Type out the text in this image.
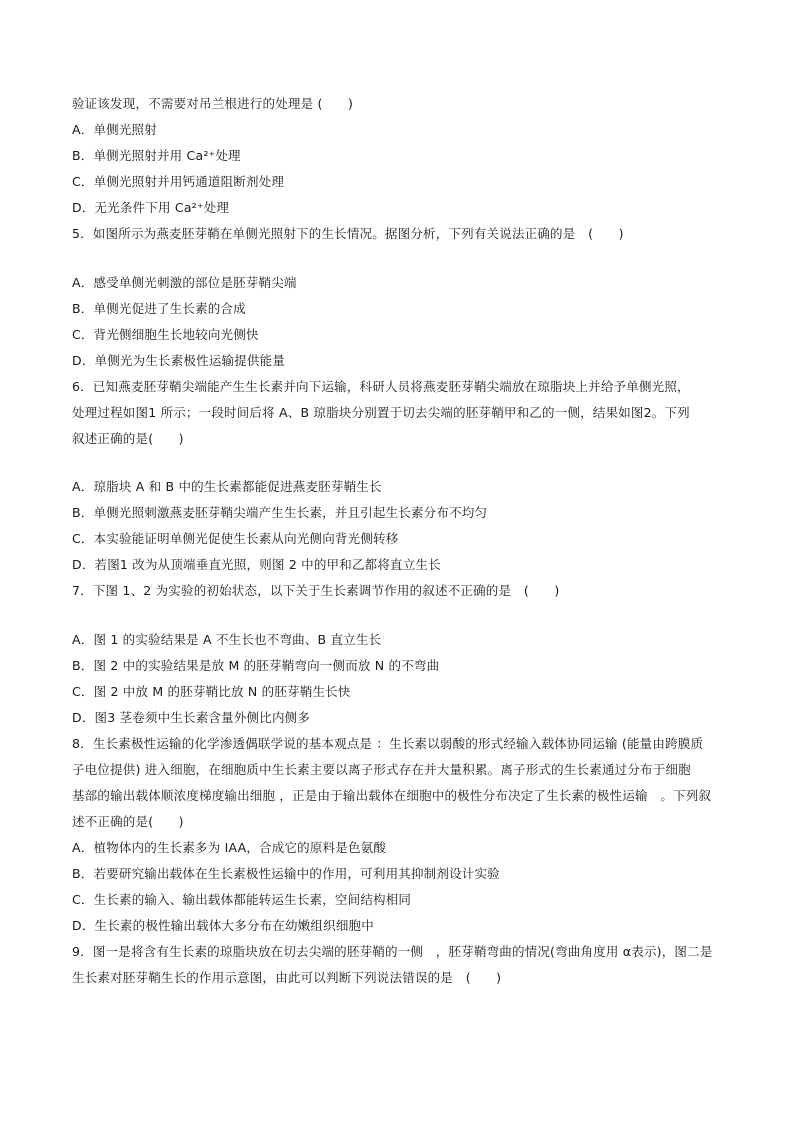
验证该发现，不需要对吊兰根进行的处理是 (　　)
A．单侧光照射
B．单侧光照射并用 Ca²⁺处理
C．单侧光照射并用钙通道阻断剂处理
D．无光条件下用 Ca²⁺处理
5．如图所示为燕麦胚芽鞘在单侧光照射下的生长情况。据图分析，下列有关说法正确的是　(　　)
A．感受单侧光刺激的部位是胚芽鞘尖端
B．单侧光促进了生长素的合成
C．背光侧细胞生长地较向光侧快
D．单侧光为生长素极性运输提供能量
6．已知燕麦胚芽鞘尖端能产生生长素并向下运输，科研人员将燕麦胚芽鞘尖端放在琼脂块上并给予单侧光照，
处理过程如图1 所示；一段时间后将 A、B 琼脂块分别置于切去尖端的胚芽鞘甲和乙的一侧，结果如图2。下列
叙述正确的是(　　)
A．琼脂块 A 和 B 中的生长素都能促进燕麦胚芽鞘生长
B．单侧光照刺激燕麦胚芽鞘尖端产生生长素，并且引起生长素分布不均匀
C．本实验能证明单侧光促使生长素从向光侧向背光侧转移
D．若图1 改为从顶端垂直光照，则图 2 中的甲和乙都将直立生长
7．下图 1、2 为实验的初始状态，以下关于生长素调节作用的叙述不正确的是　(　　)
A．图 1 的实验结果是 A 不生长也不弯曲、B 直立生长
B．图 2 中的实验结果是放 M 的胚芽鞘弯向一侧而放 N 的不弯曲
C．图 2 中放 M 的胚芽鞘比放 N 的胚芽鞘生长快
D．图3 茎卷须中生长素含量外侧比内侧多
8．生长素极性运输的化学渗透偶联学说的基本观点是 ：生长素以弱酸的形式经输入载体协同运输 (能量由跨膜质
子电位提供) 进入细胞，在细胞质中生长素主要以离子形式存在并大量积累。离子形式的生长素通过分布于细胞
基部的输出载体顺浓度梯度输出细胞 ，正是由于输出载体在细胞中的极性分布决定了生长素的极性运输　。下列叙
述不正确的是(　　)
A．植物体内的生长素多为 IAA，合成它的原料是色氨酸
B．若要研究输出载体在生长素极性运输中的作用，可利用其抑制剂设计实验
C．生长素的输入、输出载体都能转运生长素，空间结构相同
D．生长素的极性输出载体大多分布在幼嫩组织细胞中
9．图一是将含有生长素的琼脂块放在切去尖端的胚芽鞘的一侧　，胚芽鞘弯曲的情况(弯曲角度用 α表示)，图二是
生长素对胚芽鞘生长的作用示意图，由此可以判断下列说法错误的是　(　　)
